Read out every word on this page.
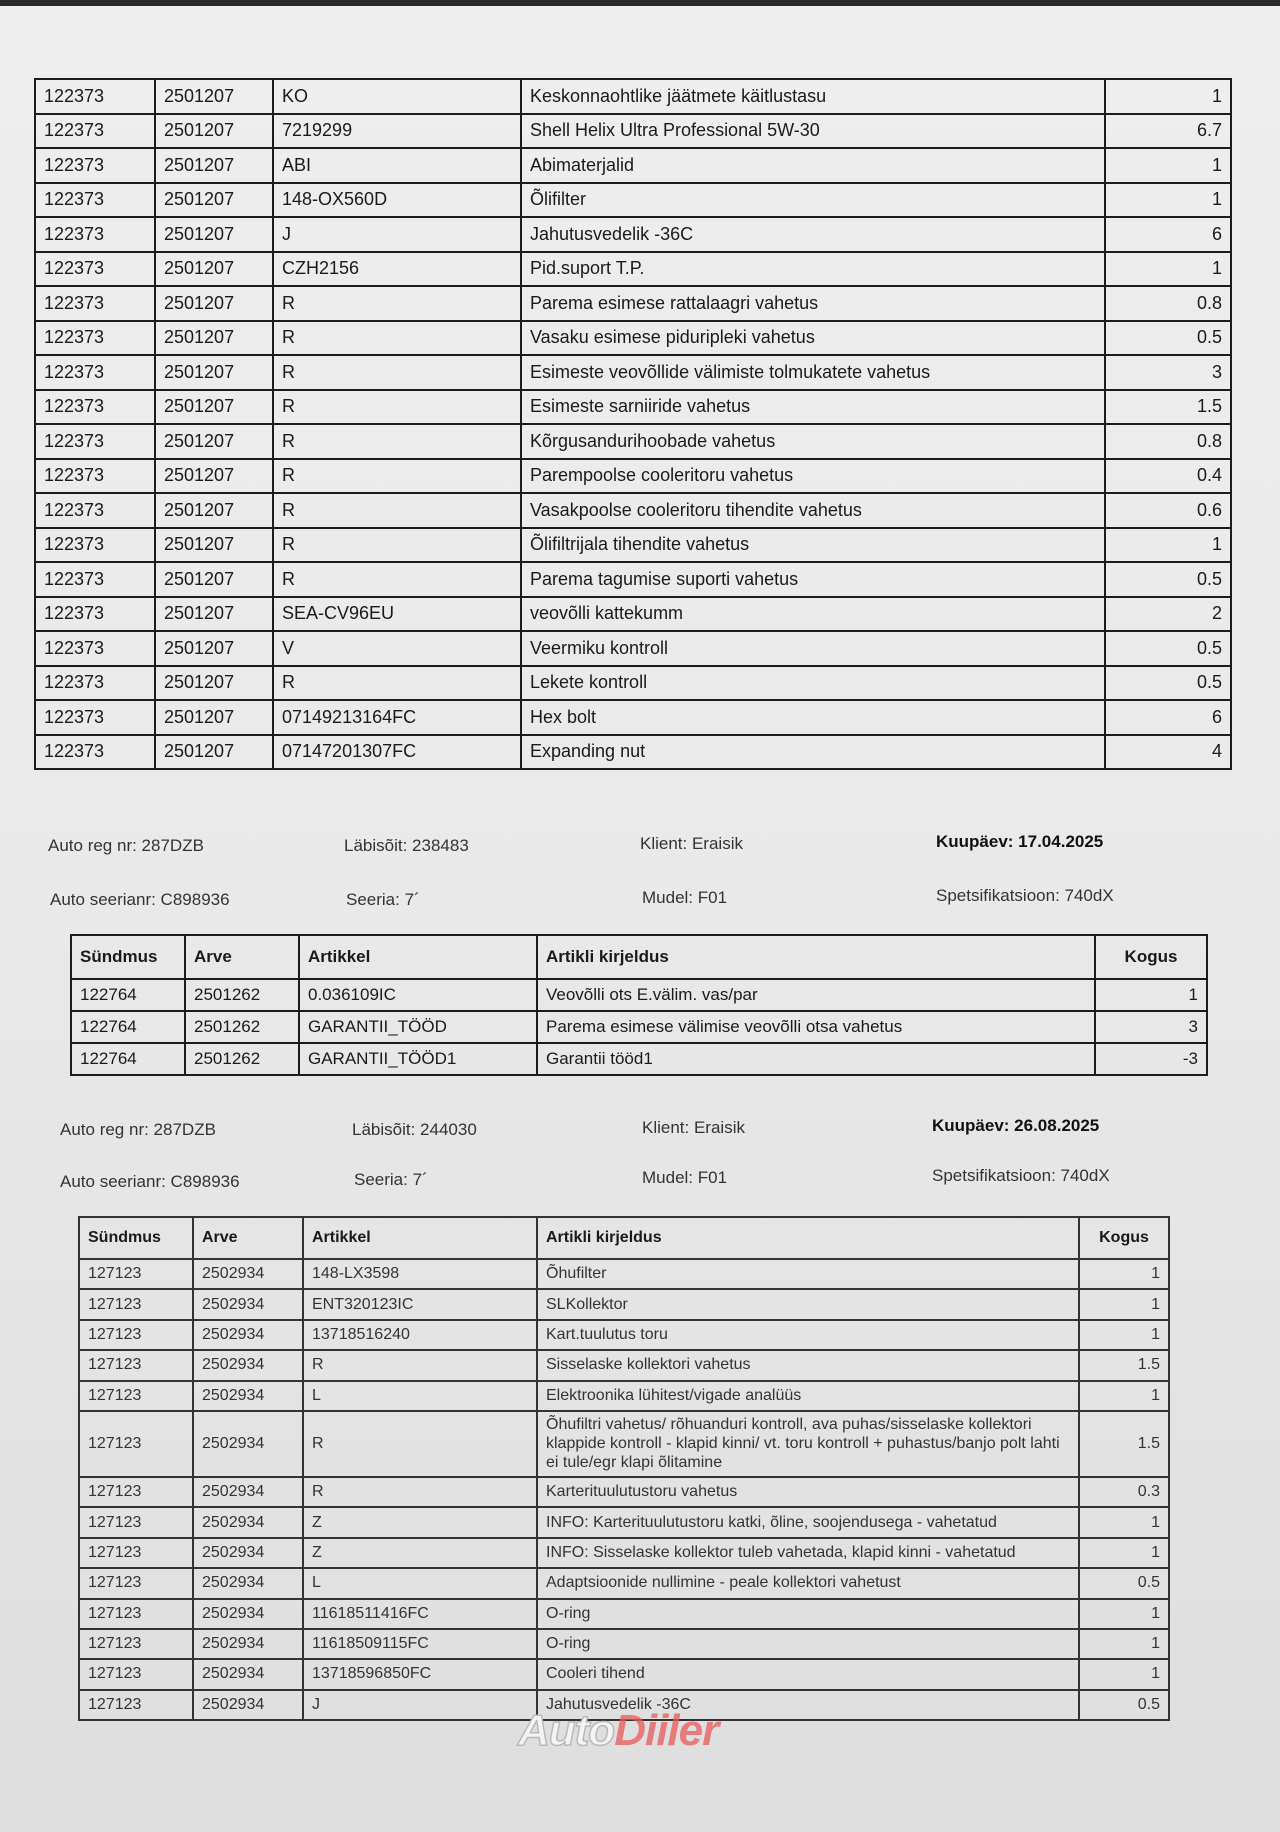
122373	2501207	KO	Keskonnaohtlike jäätmete käitlustasu	1
122373	2501207	7219299	Shell Helix Ultra Professional 5W-30	6.7
122373	2501207	ABI	Abimaterjalid	1
122373	2501207	148-OX560D	Õlifilter	1
122373	2501207	J	Jahutusvedelik -36C	6
122373	2501207	CZH2156	Pid.suport T.P.	1
122373	2501207	R	Parema esimese rattalaagri vahetus	0.8
122373	2501207	R	Vasaku esimese piduripleki vahetus	0.5
122373	2501207	R	Esimeste veovõllide välimiste tolmukatete vahetus	3
122373	2501207	R	Esimeste sarniiride vahetus	1.5
122373	2501207	R	Kõrgusandurihoobade vahetus	0.8
122373	2501207	R	Parempoolse cooleritoru vahetus	0.4
122373	2501207	R	Vasakpoolse cooleritoru tihendite vahetus	0.6
122373	2501207	R	Õlifiltrijala tihendite vahetus	1
122373	2501207	R	Parema tagumise suporti vahetus	0.5
122373	2501207	SEA-CV96EU	veovõlli kattekumm	2
122373	2501207	V	Veermiku kontroll	0.5
122373	2501207	R	Lekete kontroll	0.5
122373	2501207	07149213164FC	Hex bolt	6
122373	2501207	07147201307FC	Expanding nut	4
Auto reg nr: 287DZB	Läbisõit: 238483	Klient: Eraisik	Kuupäev: 17.04.2025
Auto seerianr: C898936	Seeria: 7´	Mudel: F01	Spetsifikatsioon: 740dX
Sündmus	Arve	Artikkel	Artikli kirjeldus	Kogus
122764	2501262	0.036109IC	Veovõlli ots E.välim. vas/par	1
122764	2501262	GARANTII_TÖÖD	Parema esimese välimise veovõlli otsa vahetus	3
122764	2501262	GARANTII_TÖÖD1	Garantii tööd1	-3
Auto reg nr: 287DZB	Läbisõit: 244030	Klient: Eraisik	Kuupäev: 26.08.2025
Auto seerianr: C898936	Seeria: 7´	Mudel: F01	Spetsifikatsioon: 740dX
Sündmus	Arve	Artikkel	Artikli kirjeldus	Kogus
127123	2502934	148-LX3598	Õhufilter	1
127123	2502934	ENT320123IC	SLKollektor	1
127123	2502934	13718516240	Kart.tuulutus toru	1
127123	2502934	R	Sisselaske kollektori vahetus	1.5
127123	2502934	L	Elektroonika lühitest/vigade analüüs	1
127123	2502934	R	Õhufiltri vahetus/ rõhuanduri kontroll, ava puhas/sisselaske kollektori klappide kontroll - klapid kinni/ vt. toru kontroll + puhastus/banjo polt lahti ei tule/egr klapi õlitamine	1.5
127123	2502934	R	Karterituulutustoru vahetus	0.3
127123	2502934	Z	INFO: Karterituulutustoru katki, õline, soojendusega - vahetatud	1
127123	2502934	Z	INFO: Sisselaske kollektor tuleb vahetada, klapid kinni - vahetatud	1
127123	2502934	L	Adaptsioonide nullimine - peale kollektori vahetust	0.5
127123	2502934	11618511416FC	O-ring	1
127123	2502934	11618509115FC	O-ring	1
127123	2502934	13718596850FC	Cooleri tihend	1
127123	2502934	J	Jahutusvedelik -36C	0.5
AutoDiiler
